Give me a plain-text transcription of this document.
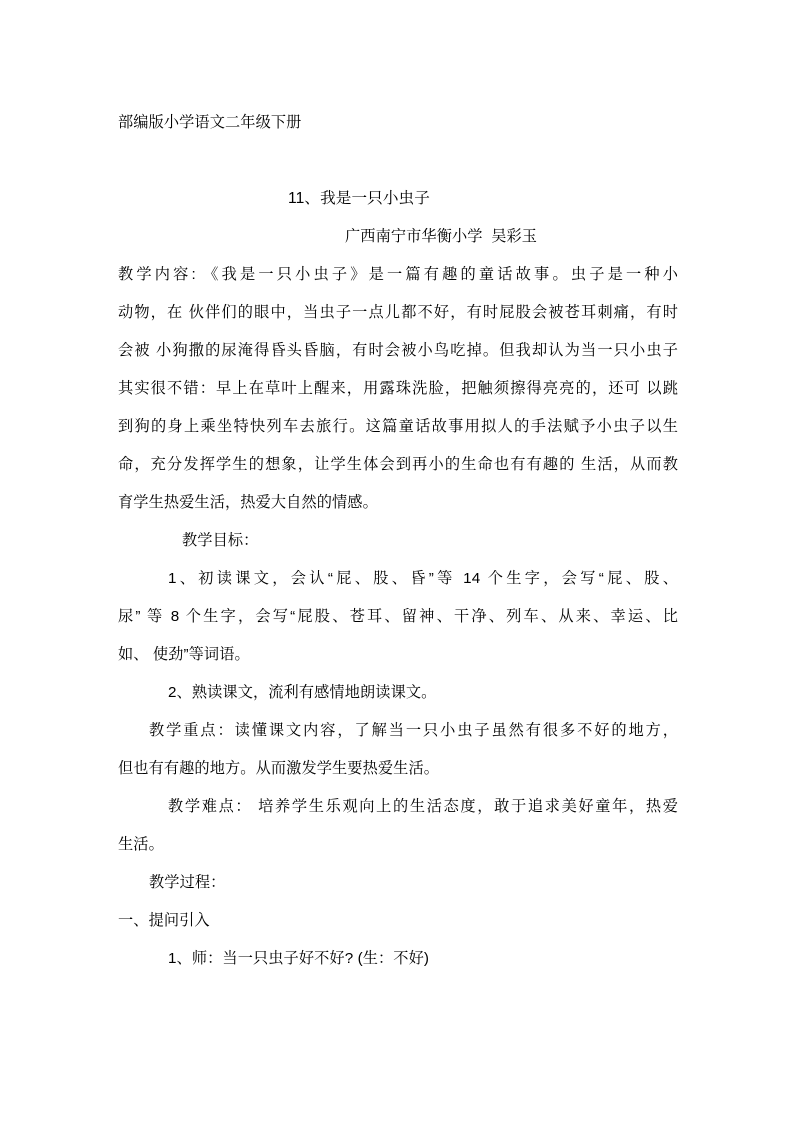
部编版小学语文二年级下册
11、我是一只小虫子
广西南宁市华衡小学  吴彩玉
教学内容: 《我是一只小虫子》是一篇有趣的童话故事。虫子是一种小
动物，在 伙伴们的眼中，当虫子一点儿都不好，有时屁股会被苍耳刺痛，有时
会被 小狗撒的尿淹得昏头昏脑，有时会被小鸟吃掉。但我却认为当一只小虫子
其实很不错：早上在草叶上醒来，用露珠洗脸，把触须擦得亮亮的，还可 以跳
到狗的身上乘坐特快列车去旅行。这篇童话故事用拟人的手法赋予小虫子以生
命，充分发挥学生的想象，让学生体会到再小的生命也有有趣的 生活，从而教
育学生热爱生活，热爱大自然的情感。
教学目标：
1、初读课文，会认“屁、股、昏”等 14 个生字，会写“屁、股、
尿” 等 8 个生字，会写“屁股、苍耳、留神、干净、列车、从来、幸运、比
如、 使劲”等词语。
2、熟读课文，流利有感情地朗读课文。
教学重点：读懂课文内容，了解当一只小虫子虽然有很多不好的地方，
但也有有趣的地方。从而激发学生要热爱生活。
教学难点： 培养学生乐观向上的生活态度，敢于追求美好童年，热爱
生活。
教学过程：
一、提问引入
1、师：当一只虫子好不好? (生：不好)
